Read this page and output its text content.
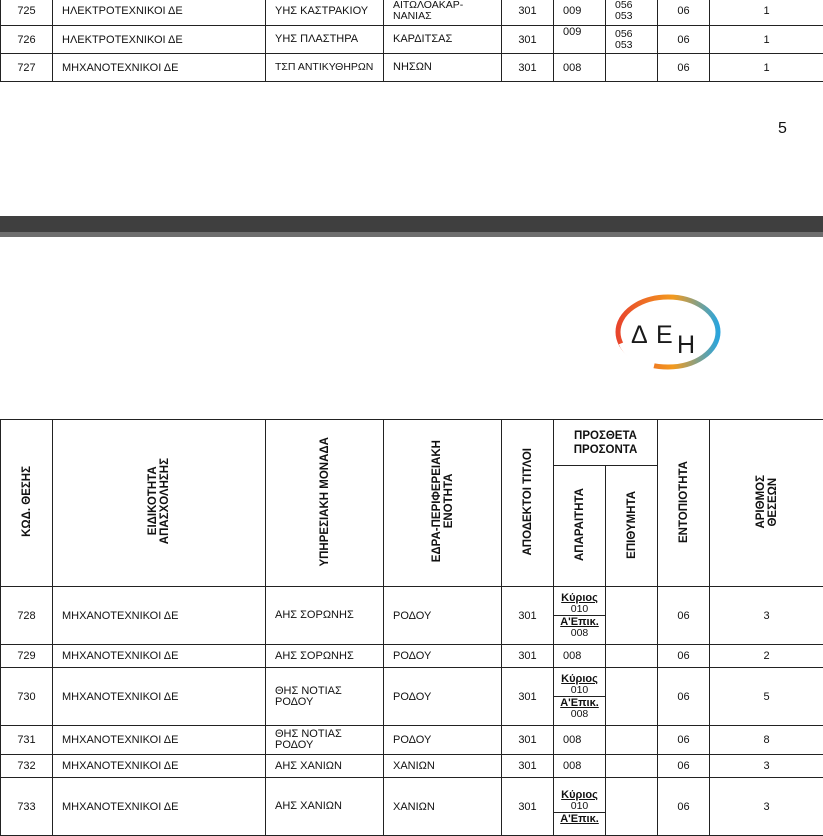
725	ΗΛΕΚΤΡΟΤΕΧΝΙΚΟΙ ΔΕ	ΥΗΣ ΚΑΣΤΡΑΚΙΟΥ	ΑΙΤΩΛΟΑΚΑΡ-ΝΑΝΙΑΣ	301	009	056
053	06	1
726	ΗΛΕΚΤΡΟΤΕΧΝΙΚΟΙ ΔΕ	ΥΗΣ ΠΛΑΣΤΗΡΑ	ΚΑΡΔΙΤΣΑΣ	301	009	056
053	06	1
727	ΜΗΧΑΝΟΤΕΧΝΙΚΟΙ ΔΕ	ΤΣΠ ΑΝΤΙΚΥΘΗΡΩΝ	ΝΗΣΩΝ	301	008		06	1
5
Δ Ε Η
ΚΩΔ. ΘΕΣΗΣ	ΕΙΔΙΚΟΤΗΤΑ
ΑΠΑΣΧΟΛΗΣΗΣ	ΥΠΗΡΕΣΙΑΚΗ ΜΟΝΑΔΑ	ΕΔΡΑ-ΠΕΡΙΦΕΡΕΙΑΚΗ
ΕΝΟΤΗΤΑ	ΑΠΟΔΕΚΤΟΙ ΤΙΤΛΟΙ	ΠΡΟΣΘΕΤΑ
ΠΡΟΣΟΝΤΑ		ΕΝΤΟΠΙΟΤΗΤΑ	ΑΡΙΘΜΟΣ
ΘΕΣΕΩΝ
					ΑΠΑΡΑΙΤΗΤΑ	ΕΠΙΘΥΜΗΤΑ		
728	ΜΗΧΑΝΟΤΕΧΝΙΚΟΙ ΔΕ	ΑΗΣ ΣΟΡΩΝΗΣ	ΡΟΔΟΥ	301	Κύριος
010
Α'Επικ.
008		06	3
729	ΜΗΧΑΝΟΤΕΧΝΙΚΟΙ ΔΕ	ΑΗΣ ΣΟΡΩΝΗΣ	ΡΟΔΟΥ	301	008		06	2
730	ΜΗΧΑΝΟΤΕΧΝΙΚΟΙ ΔΕ	ΘΗΣ ΝΟΤΙΑΣ ΡΟΔΟΥ	ΡΟΔΟΥ	301	Κύριος
010
Α'Επικ.
008		06	5
731	ΜΗΧΑΝΟΤΕΧΝΙΚΟΙ ΔΕ	ΘΗΣ ΝΟΤΙΑΣ ΡΟΔΟΥ	ΡΟΔΟΥ	301	008		06	8
732	ΜΗΧΑΝΟΤΕΧΝΙΚΟΙ ΔΕ	ΑΗΣ ΧΑΝΙΩΝ	ΧΑΝΙΩΝ	301	008		06	3
733	ΜΗΧΑΝΟΤΕΧΝΙΚΟΙ ΔΕ	ΑΗΣ ΧΑΝΙΩΝ	ΧΑΝΙΩΝ	301	Κύριος
010
Α'Επικ.		06	3
